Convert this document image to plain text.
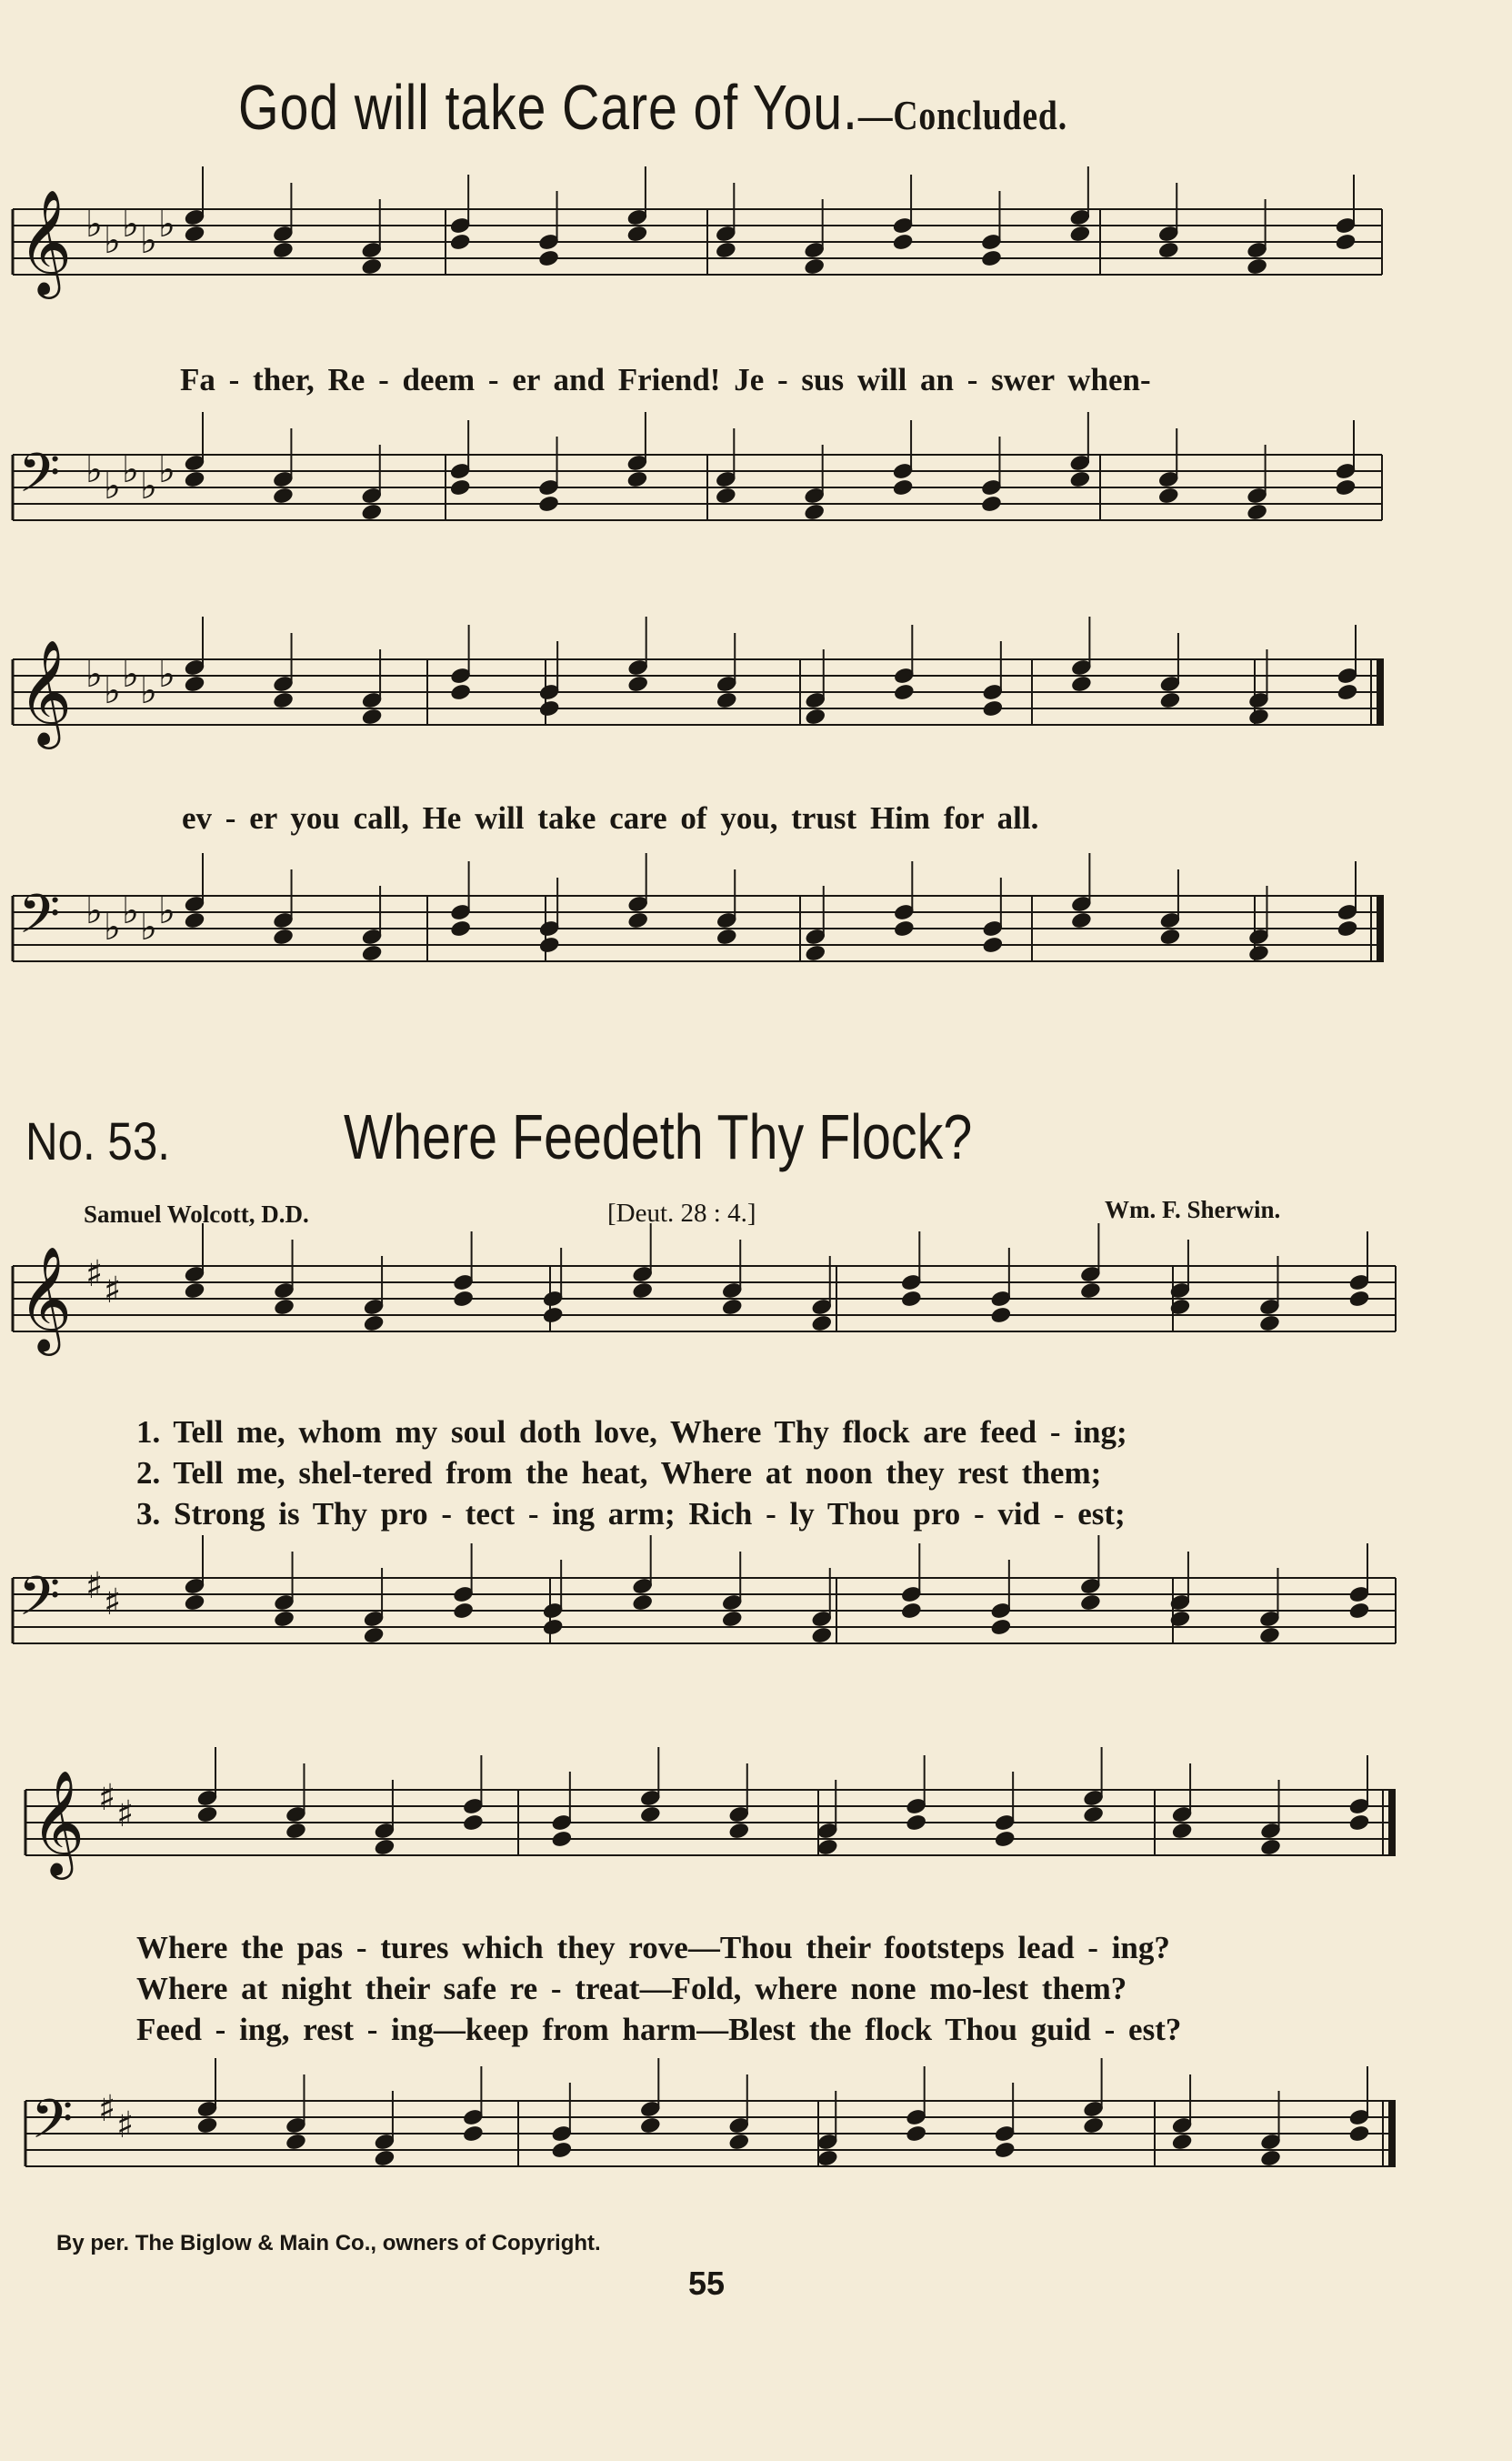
God will take Care of You.—Concluded.
𝄞 ♭ ♭ ♭ ♭ ♭
𝄢 ♭ ♭ ♭ ♭ ♭
𝄞 ♭ ♭ ♭ ♭ ♭
𝄢 ♭ ♭ ♭ ♭ ♭
𝄞 ♯ ♯
𝄢 ♯ ♯
𝄞 ♯ ♯
𝄢 ♯ ♯
Fa - ther, Re - deem - er and Friend! Je - sus will an - swer when-
ev - er you call, He will take care of you, trust Him for all.
No. 53.	Where Feedeth Thy Flock?
Samuel Wolcott, D.D.	[Deut. 28 : 4.]	Wm. F. Sherwin.
1. Tell me, whom my soul doth love, Where Thy flock are feed - ing;
2. Tell me, shel-tered from the heat, Where at noon they rest them;
3. Strong is Thy pro - tect - ing arm; Rich - ly Thou pro - vid - est;
Where the pas - tures which they rove—Thou their footsteps lead - ing?
Where at night their safe re - treat—Fold, where none mo-lest them?
Feed - ing, rest - ing—keep from harm—Blest the flock Thou guid - est?
By per. The Biglow & Main Co., owners of Copyright.
55
